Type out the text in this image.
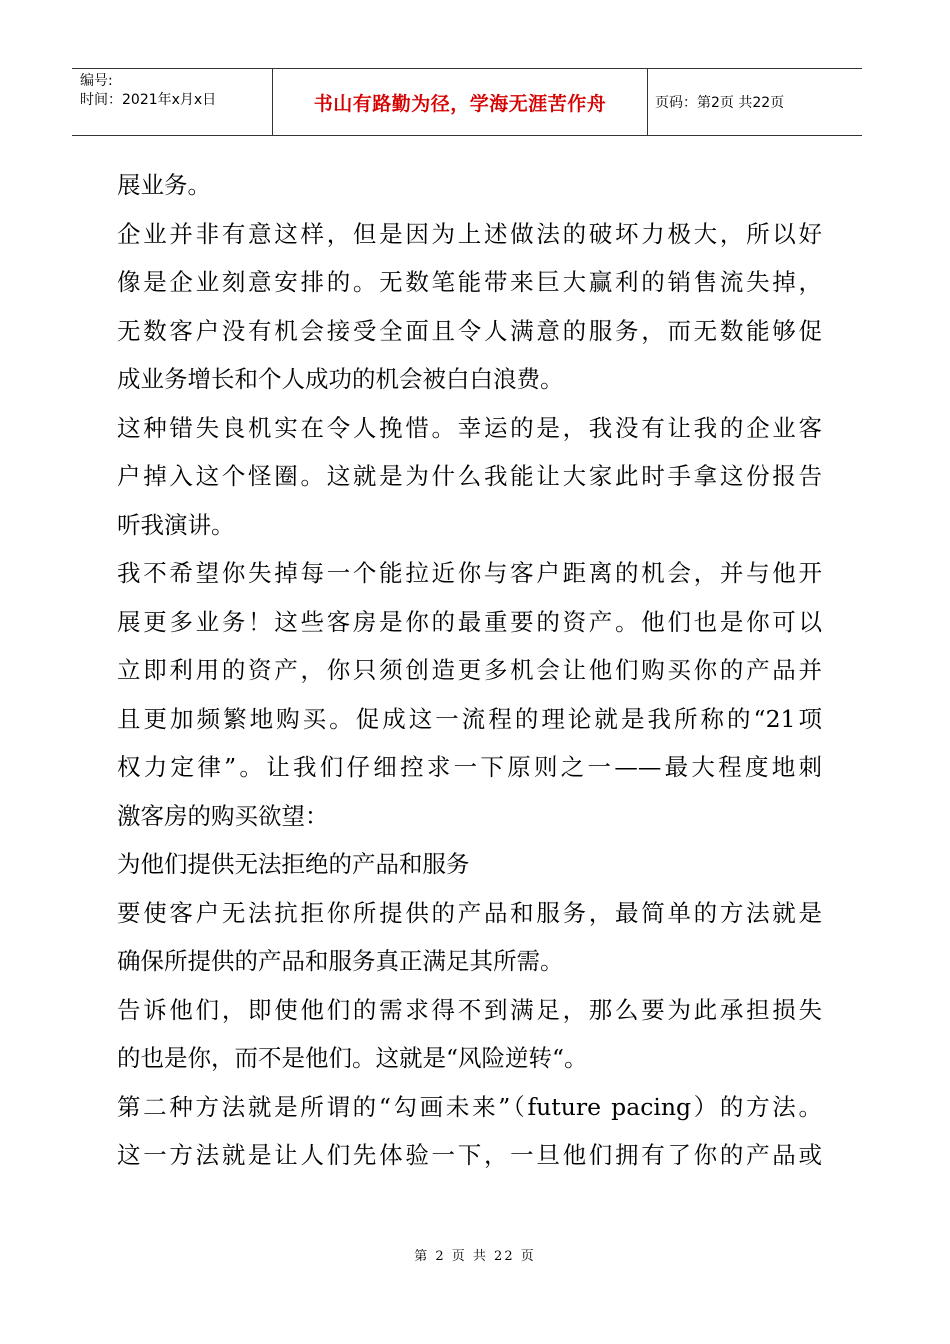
编号:
时间：2021年x月x日	书山有路勤为径，学海无涯苦作舟	页码：第2页 共22页
展业务。
企业并非有意这样，但是因为上述做法的破坏力极大，所以好
像是企业刻意安排的。无数笔能带来巨大赢利的销售流失掉，
无数客户没有机会接受全面且令人满意的服务，而无数能够促
成业务增长和个人成功的机会被白白浪费。
这种错失良机实在令人挽惜。幸运的是，我没有让我的企业客
户掉入这个怪圈。这就是为什么我能让大家此时手拿这份报告
听我演讲。
我不希望你失掉每一个能拉近你与客户距离的机会，并与他开
展更多业务！这些客房是你的最重要的资产。他们也是你可以
立即利用的资产，你只须创造更多机会让他们购买你的产品并
且更加频繁地购买。促成这一流程的理论就是我所称的“21项
权力定律”。让我们仔细控求一下原则之一——最大程度地刺
激客房的购买欲望：
为他们提供无法拒绝的产品和服务
要使客户无法抗拒你所提供的产品和服务，最简单的方法就是
确保所提供的产品和服务真正满足其所需。
告诉他们，即使他们的需求得不到满足，那么要为此承担损失
的也是你，而不是他们。这就是“风险逆转“。
第二种方法就是所谓的“勾画未来”（future pacing）的方法。
这一方法就是让人们先体验一下，一旦他们拥有了你的产品或
第 2 页 共 22 页
